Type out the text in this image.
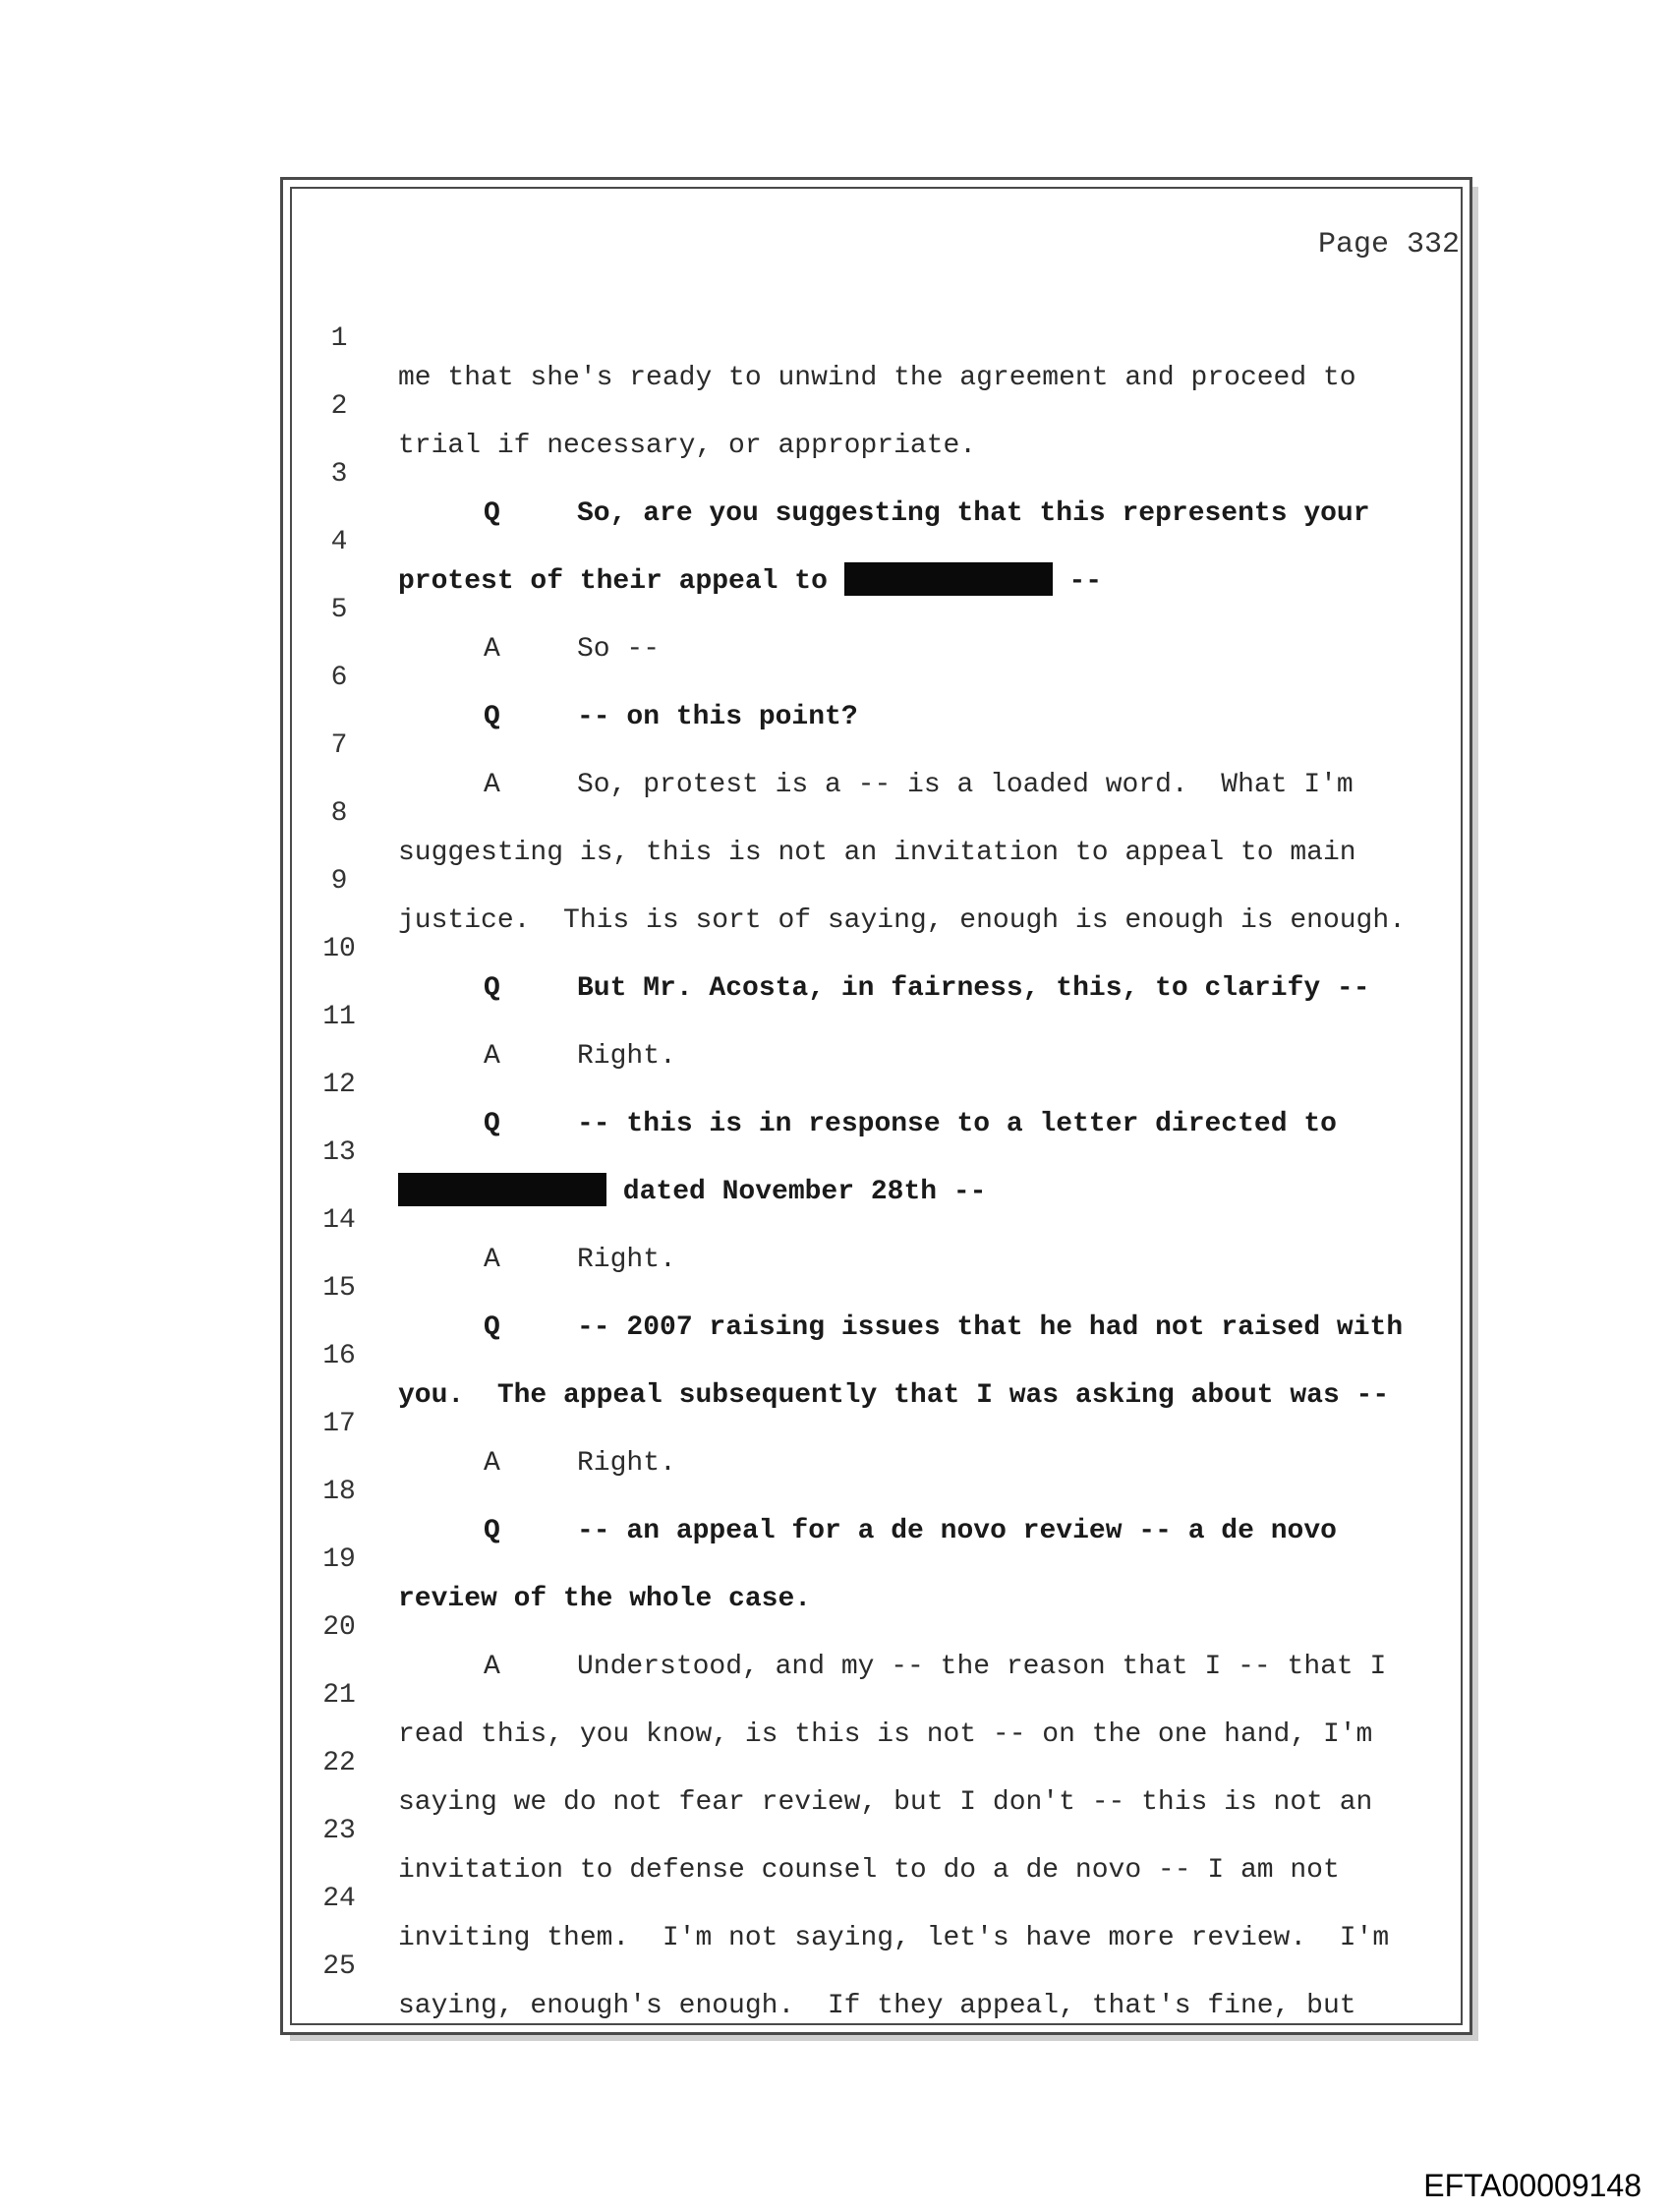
Page 332

1

me that she's ready to unwind the agreement and proceed to

2

trial if necessary, or appropriate.

3

Q	So, are you suggesting that this represents your

4

protest of their appeal to	--

5

A	So --

6

Q	-- on this point?

7

A	So, protest is a -- is a loaded word.  What I'm

8

suggesting is, this is not an invitation to appeal to main

9

justice.  This is sort of saying, enough is enough is enough.

10

Q	But Mr. Acosta, in fairness, this, to clarify --

11

A	Right.

12

Q	-- this is in response to a letter directed to

13

dated November 28th --

14

A	Right.

15

Q	-- 2007 raising issues that he had not raised with

16

you.  The appeal subsequently that I was asking about was --

17

A	Right.

18

Q	-- an appeal for a de novo review -- a de novo

19

review of the whole case.

20

A	Understood, and my -- the reason that I -- that I

21

read this, you know, is this is not -- on the one hand, I'm

22

saying we do not fear review, but I don't -- this is not an

23

invitation to defense counsel to do a de novo -- I am not

24

inviting them.  I'm not saying, let's have more review.  I'm

25

saying, enough's enough.  If they appeal, that's fine, but

EFTA00009148
